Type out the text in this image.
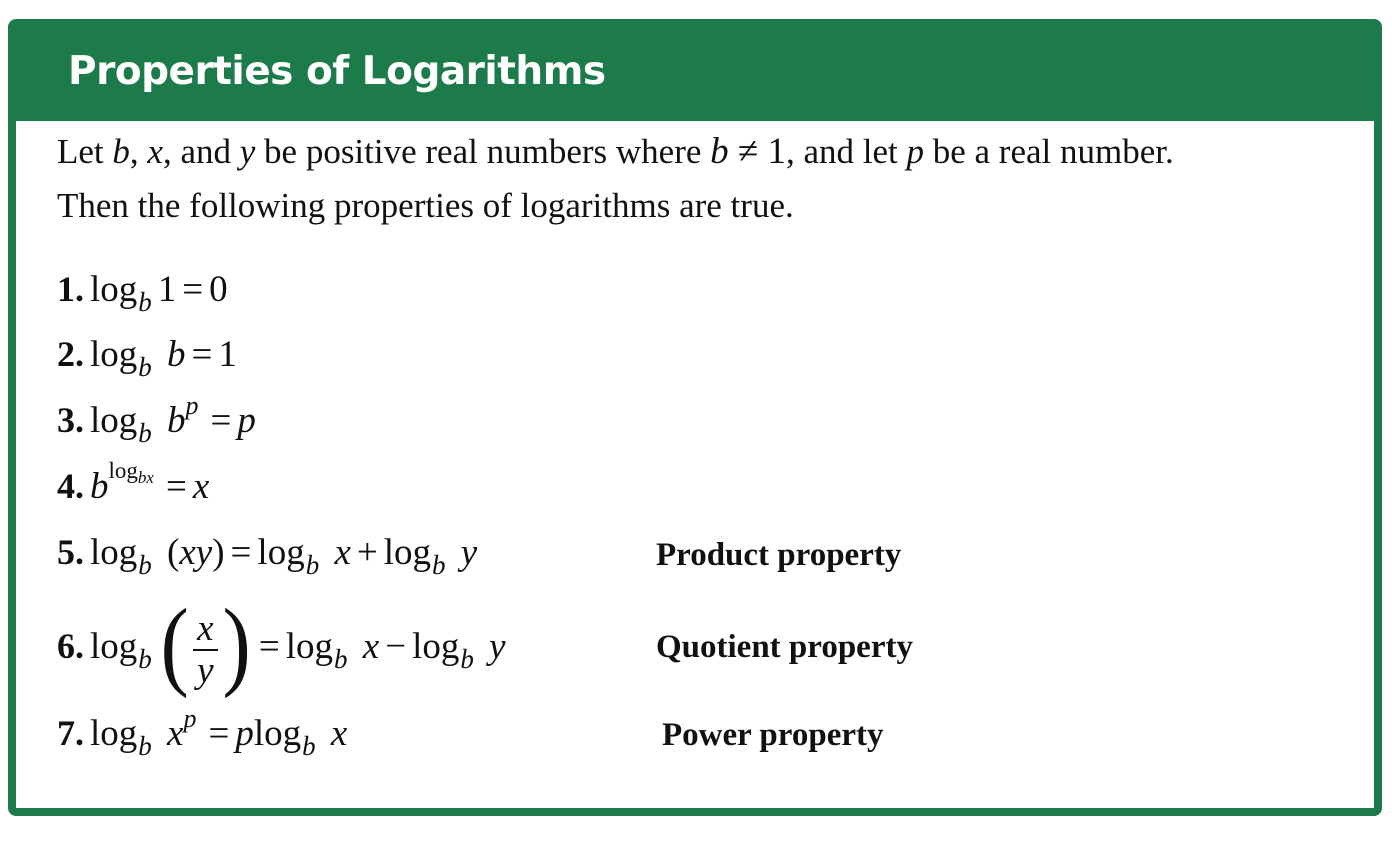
Properties of Logarithms
Let b, x, and y be positive real numbers where b ≠ 1, and let p be a real number.
Then the following properties of logarithms are true.
1. $\log_b 1 = 0$
2. $\log_b b = 1$
3. $\log_b b^p = p$
4. $b^{log_{bx}} = x$
5. $\log_b (xy) = \log_b x + \log_b y$	Product property
6. $\log_b( \frac{x}{y}$ ) = $\log_b x - \log_b y$	Quotient property
7. $\log_b x^p = plog_b$ x	Power property
